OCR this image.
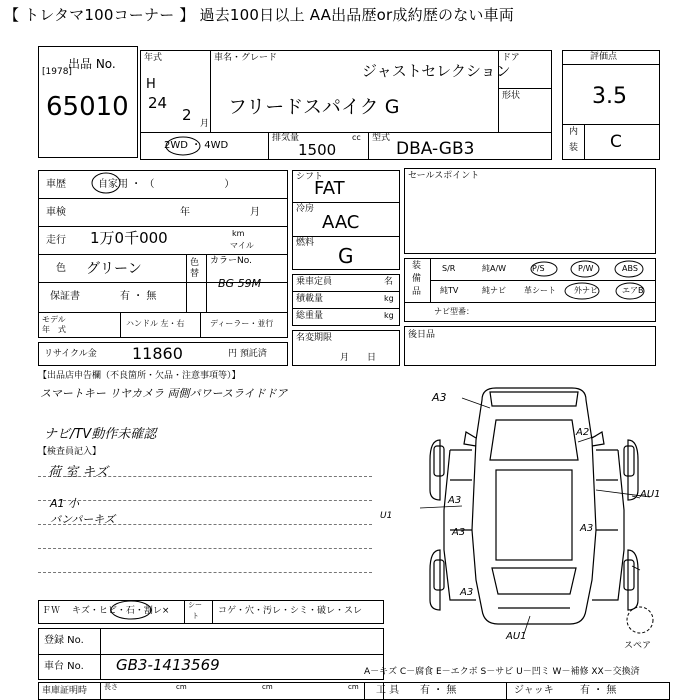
【 トレタマ100コーナー 】 過去100日以上 AA出品歴or成約歴のない車両
出品 No.
[1978]
65010
年式
H
24
2 月
車名・グレード
ジャストセレクション
フリードスパイク G
ドア
形状
2WD ・ 4WD
排気量	cc
1500
型式
DBA-GB3
評価点
3.5
内
装 C
車歴	自家用 ・ （　　　　　　　）
車検	年	月
走行 1万0千000	km
マイル
色 グリーン	色替
カラーNo.
BG 59M
保証書	有 ・ 無
モデル
年　式
ハンドル 左・右	ディーラー・並行
リサイクル金 11860	円 預託済
シフト
FAT
冷房
AAC
燃料
G
乗車定員	名
積載量	kg
総重量	kg
名変期限
月日
セールスポイント
装
備
品
S/R	純A/W	P/S	P/W	ABS
純TV	純ナビ 革シート 外ナビ	エアB
ナビ型番：
後日品
【出品店申告欄（不良箇所・欠品・注意事項等）】
スマートキー リヤカメラ 両側パワースライドドア
ナビ/TV動作未確認
【検査員記入】
荷 室 キズ
A1 小
バンパーキズ
A3
A2
A3
A3	A3
A3
AU1
AU1
U1
スペア
ＦＷ キズ・ヒビ・石・割レ×
シー
ト コゲ・穴・汚レ・シミ・破レ・スレ
登録 No.
車台 No. GB3-1413569
車庫証明時 長さ	cm	cm	cm
A－キズ C－腐食 E－エクボ S－サビ U－凹ミ W－補修 XX－交換済
工 具 有 ・ 無	ジャッキ	有 ・ 無
